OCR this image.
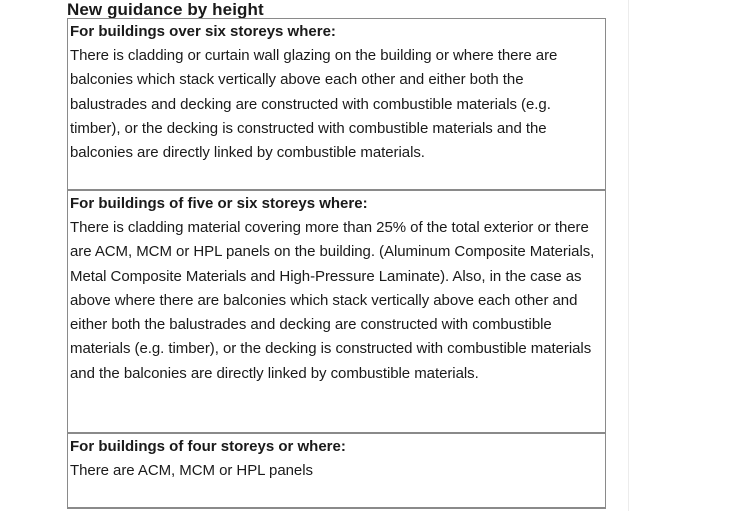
New guidance by height
For buildings over six storeys where:
There is cladding or curtain wall glazing on the building or where there are balconies which stack vertically above each other and either both the balustrades and decking are constructed with combustible materials (e.g. timber), or the decking is constructed with combustible materials and the balconies are directly linked by combustible materials.
For buildings of five or six storeys where:
There is cladding material covering more than 25% of the total exterior or there are ACM, MCM or HPL panels on the building. (Aluminum Composite Materials, Metal Composite Materials and High-Pressure Laminate). Also, in the case as above where there are balconies which stack vertically above each other and either both the balustrades and decking are constructed with combustible materials (e.g. timber), or the decking is constructed with combustible materials and the balconies are directly linked by combustible materials.
For buildings of four storeys or where:
There are ACM, MCM or HPL panels
